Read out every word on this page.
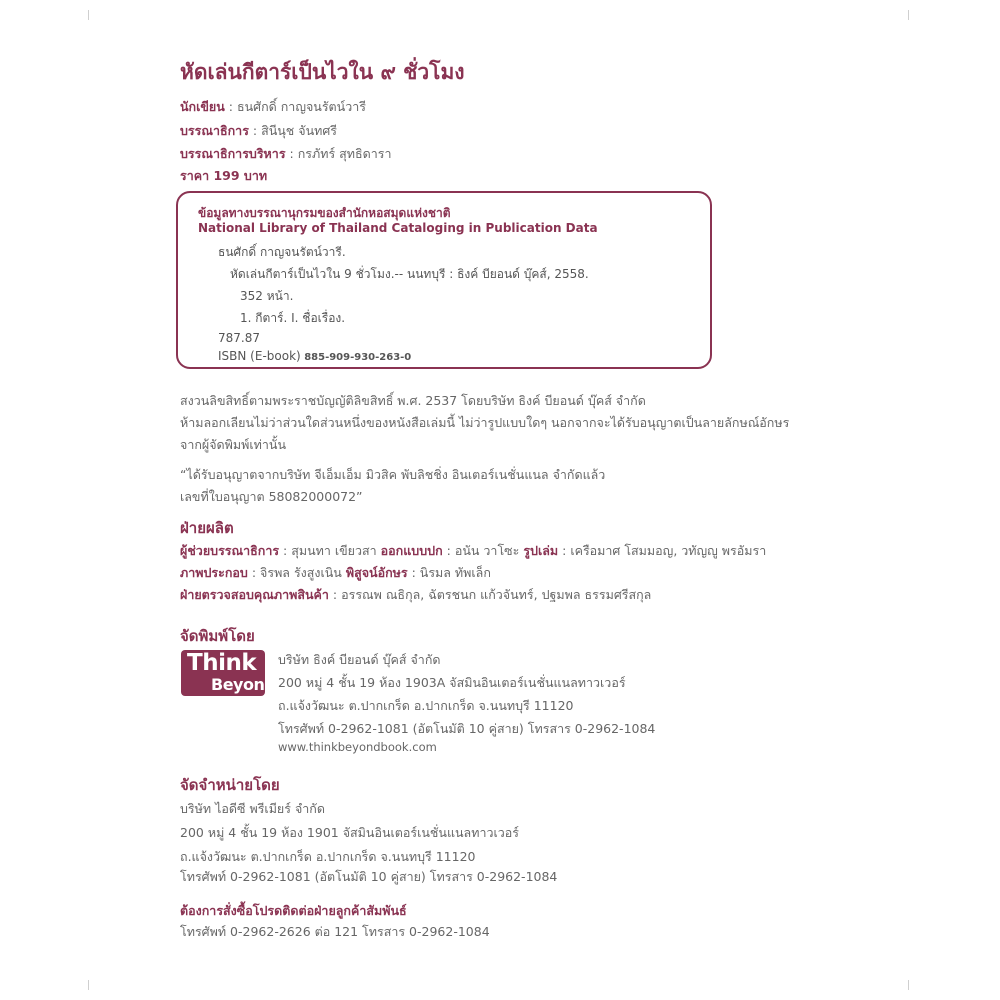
หัดเล่นกีตาร์เป็นไวใน ๙ ชั่วโมง
นักเขียน : ธนศักดิ์ กาญจนรัตน์วารี
บรรณาธิการ : สินีนุช จันทศรี
บรรณาธิการบริหาร : กรภัทร์ สุทธิดารา
ราคา 199 บาท
ข้อมูลทางบรรณานุกรมของสำนักหอสมุดแห่งชาติ
National Library of Thailand Cataloging in Publication Data
ธนศักดิ์ กาญจนรัตน์วารี.
หัดเล่นกีตาร์เป็นไวใน 9 ชั่วโมง.-- นนทบุรี : ธิงค์ บียอนด์ บุ๊คส์, 2558.
352 หน้า.
1. กีตาร์. I. ชื่อเรื่อง.
787.87
ISBN (E-book) 885-909-930-263-0
สงวนลิขสิทธิ์ตามพระราชบัญญัติลิขสิทธิ์ พ.ศ. 2537 โดยบริษัท ธิงค์ บียอนด์ บุ๊คส์ จำกัด
ห้ามลอกเลียนไม่ว่าส่วนใดส่วนหนึ่งของหนังสือเล่มนี้ ไม่ว่ารูปแบบใดๆ นอกจากจะได้รับอนุญาตเป็นลายลักษณ์อักษร
จากผู้จัดพิมพ์เท่านั้น
“ได้รับอนุญาตจากบริษัท จีเอ็มเอ็ม มิวสิค พับลิชชิ่ง อินเตอร์เนชั่นแนล จำกัดแล้ว
เลขที่ใบอนุญาต 58082000072”
ฝ่ายผลิต
ผู้ช่วยบรรณาธิการ : สุมนทา เขียวสา ออกแบบปก : อนัน วาโซะ รูปเล่ม : เครือมาศ โสมมอญ, วทัญญู พรอัมรา
ภาพประกอบ : จิรพล รังสูงเนิน พิสูจน์อักษร : นิรมล ทัพเล็ก
ฝ่ายตรวจสอบคุณภาพสินค้า : อรรณพ ณธิกุล, ฉัตรชนก แก้วจันทร์, ปฐมพล ธรรมศรีสกุล
จัดพิมพ์โดย
Think
Beyond
บริษัท ธิงค์ บียอนด์ บุ๊คส์ จำกัด
200 หมู่ 4 ชั้น 19 ห้อง 1903A จัสมินอินเตอร์เนชั่นแนลทาวเวอร์
ถ.แจ้งวัฒนะ ต.ปากเกร็ด อ.ปากเกร็ด จ.นนทบุรี 11120
โทรศัพท์ 0-2962-1081 (อัตโนมัติ 10 คู่สาย) โทรสาร 0-2962-1084
www.thinkbeyondbook.com
จัดจำหน่ายโดย
บริษัท ไอดีซี พรีเมียร์ จำกัด
200 หมู่ 4 ชั้น 19 ห้อง 1901 จัสมินอินเตอร์เนชั่นแนลทาวเวอร์
ถ.แจ้งวัฒนะ ต.ปากเกร็ด อ.ปากเกร็ด จ.นนทบุรี 11120
โทรศัพท์ 0-2962-1081 (อัตโนมัติ 10 คู่สาย) โทรสาร 0-2962-1084
ต้องการสั่งซื้อโปรดติดต่อฝ่ายลูกค้าสัมพันธ์
โทรศัพท์ 0-2962-2626 ต่อ 121 โทรสาร 0-2962-1084
